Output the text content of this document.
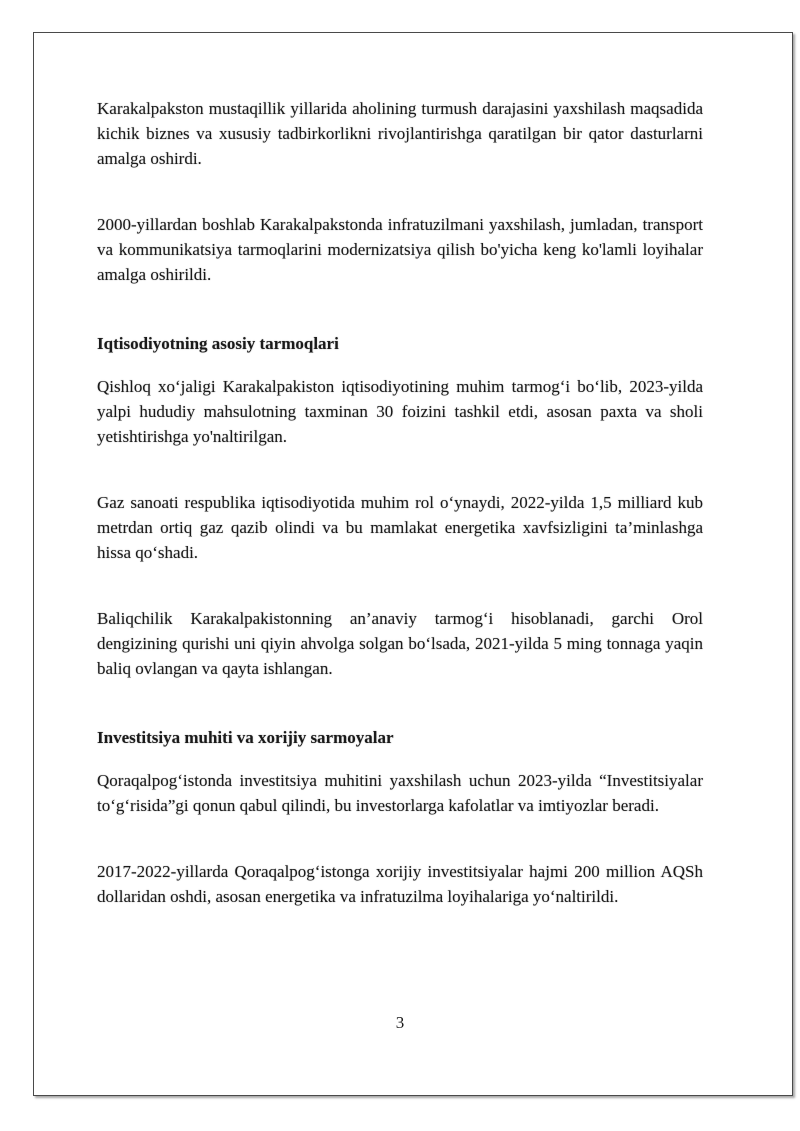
Karakalpakston mustaqillik yillarida aholining turmush darajasini yaxshilash maqsadida kichik biznes va xususiy tadbirkorlikni rivojlantirishga qaratilgan bir qator dasturlarni amalga oshirdi.

2000-yillardan boshlab Karakalpakstonda infratuzilmani yaxshilash, jumladan, transport va kommunikatsiya tarmoqlarini modernizatsiya qilish bo'yicha keng ko'lamli loyihalar amalga oshirildi.

Iqtisodiyotning asosiy tarmoqlari

Qishloq xo‘jaligi Karakalpakiston iqtisodiyotining muhim tarmog‘i bo‘lib, 2023-yilda yalpi hududiy mahsulotning taxminan 30 foizini tashkil etdi, asosan paxta va sholi yetishtirishga yo'naltirilgan.

Gaz sanoati respublika iqtisodiyotida muhim rol o‘ynaydi, 2022-yilda 1,5 milliard kub metrdan ortiq gaz qazib olindi va bu mamlakat energetika xavfsizligini ta’minlashga hissa qo‘shadi.

Baliqchilik Karakalpakistonning an’anaviy tarmog‘i hisoblanadi, garchi Orol dengizining qurishi uni qiyin ahvolga solgan bo‘lsada, 2021-yilda 5 ming tonnaga yaqin baliq ovlangan va qayta ishlangan.

Investitsiya muhiti va xorijiy sarmoyalar

Qoraqalpog‘istonda investitsiya muhitini yaxshilash uchun 2023-yilda “Investitsiyalar to‘g‘risida”gi qonun qabul qilindi, bu investorlarga kafolatlar va imtiyozlar beradi.

2017-2022-yillarda Qoraqalpog‘istonga xorijiy investitsiyalar hajmi 200 million AQSh dollaridan oshdi, asosan energetika va infratuzilma loyihalariga yo‘naltirildi.

3
